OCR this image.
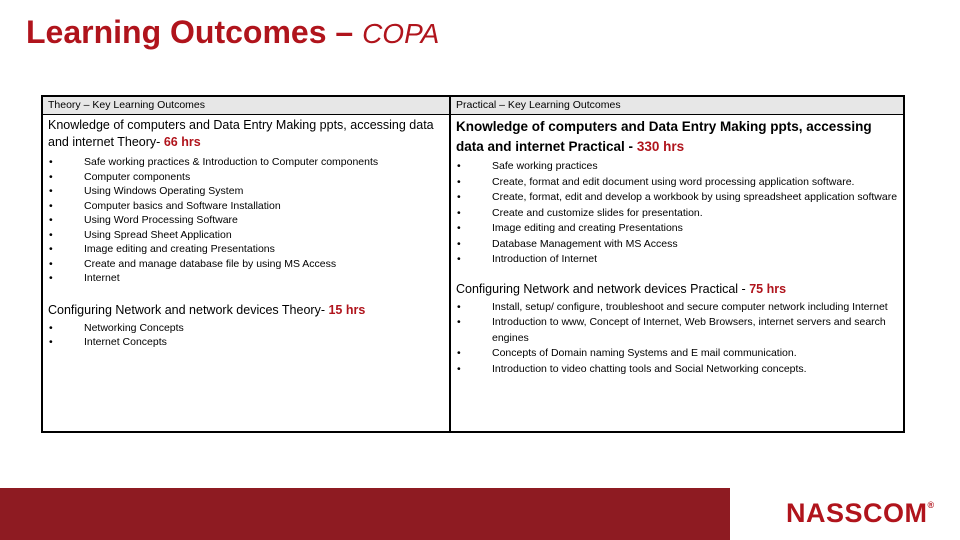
Learning Outcomes – COPA
Theory – Key Learning Outcomes
Knowledge of computers and Data Entry Making ppts, accessing data and internet Theory- 66 hrs
•	Safe working practices & Introduction to Computer components
•	Computer components
•	Using Windows Operating System
•	Computer basics and Software Installation
•	Using Word Processing Software
•	Using Spread Sheet Application
•	Image editing and creating Presentations
•	Create and manage database file by using MS Access
•	Internet
Configuring Network and network devices Theory- 15 hrs
•	Networking Concepts
•	Internet Concepts
Practical – Key Learning Outcomes
Knowledge of computers and Data Entry Making ppts, accessing data and internet Practical - 330 hrs
•	Safe working practices
•	Create, format and edit document using word processing application software.
•	Create, format, edit and develop a workbook by using spreadsheet application software
•	Create and customize slides for presentation.
•	Image editing and creating Presentations
•	Database Management with MS Access
•	Introduction of Internet
Configuring Network and network devices Practical - 75 hrs
•	Install, setup/ configure, troubleshoot and secure computer network including Internet
•	Introduction to www, Concept of Internet, Web Browsers, internet servers and search engines
•	Concepts of Domain naming Systems and E mail communication.
•	Introduction to video chatting tools and Social Networking concepts.
NASSCOM®
